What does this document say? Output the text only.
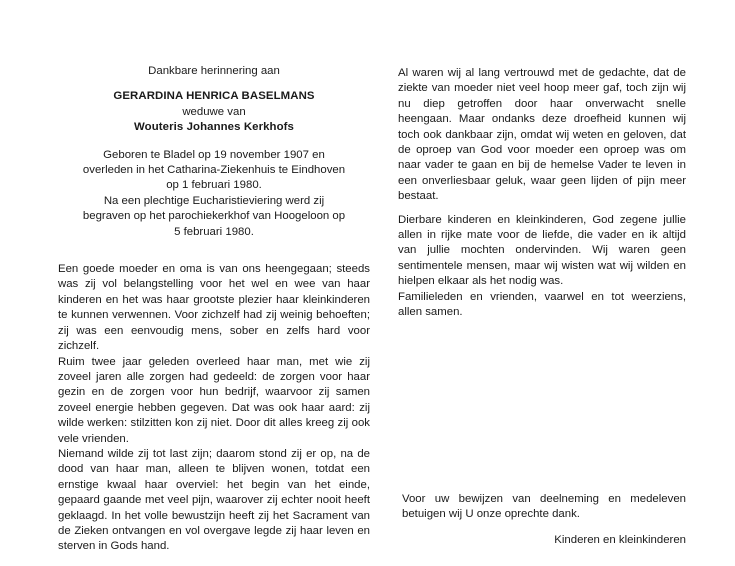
Dankbare herinnering aan
GERARDINA HENRICA BASELMANS
weduwe van
Wouteris Johannes Kerkhofs
Geboren te Bladel op 19 november 1907 en
overleden in het Catharina-Ziekenhuis te Eindhoven
op 1 februari 1980.
Na een plechtige Eucharistieviering werd zij
begraven op het parochiekerkhof van Hoogeloon op
5 februari 1980.

Een goede moeder en oma is van ons heengegaan; steeds was zij vol belangstelling voor het wel en wee van haar kinderen en het was haar grootste plezier haar kleinkinderen te kunnen verwennen. Voor zichzelf had zij weinig behoeften; zij was een eenvoudig mens, sober en zelfs hard voor zichzelf.

Ruim twee jaar geleden overleed haar man, met wie zij zoveel jaren alle zorgen had gedeeld: de zorgen voor haar gezin en de zorgen voor hun bedrijf, waarvoor zij samen zoveel energie hebben gegeven. Dat was ook haar aard: zij wilde werken: stilzitten kon zij niet. Door dit alles kreeg zij ook vele vrienden.

Niemand wilde zij tot last zijn; daarom stond zij er op, na de dood van haar man, alleen te blijven wonen, totdat een ernstige kwaal haar overviel: het begin van het einde, gepaard gaande met veel pijn, waarover zij echter nooit heeft geklaagd. In het volle bewustzijn heeft zij het Sacrament van de Zieken ontvangen en vol overgave legde zij haar leven en sterven in Gods hand.

Al waren wij al lang vertrouwd met de gedachte, dat de ziekte van moeder niet veel hoop meer gaf, toch zijn wij nu diep getroffen door haar onverwacht snelle heengaan. Maar ondanks deze droefheid kunnen wij toch ook dankbaar zijn, omdat wij weten en geloven, dat de oproep van God voor moeder een oproep was om naar vader te gaan en bij de hemelse Vader te leven in een onverliesbaar geluk, waar geen lijden of pijn meer bestaat.

Dierbare kinderen en kleinkinderen, God zegene jullie allen in rijke mate voor de liefde, die vader en ik altijd van jullie mochten ondervinden. Wij waren geen sentimentele mensen, maar wij wisten wat wij wilden en hielpen elkaar als het nodig was.

Familieleden en vrienden, vaarwel en tot weerziens, allen samen.

Voor uw bewijzen van deelneming en medeleven betuigen wij U onze oprechte dank.
Kinderen en kleinkinderen
